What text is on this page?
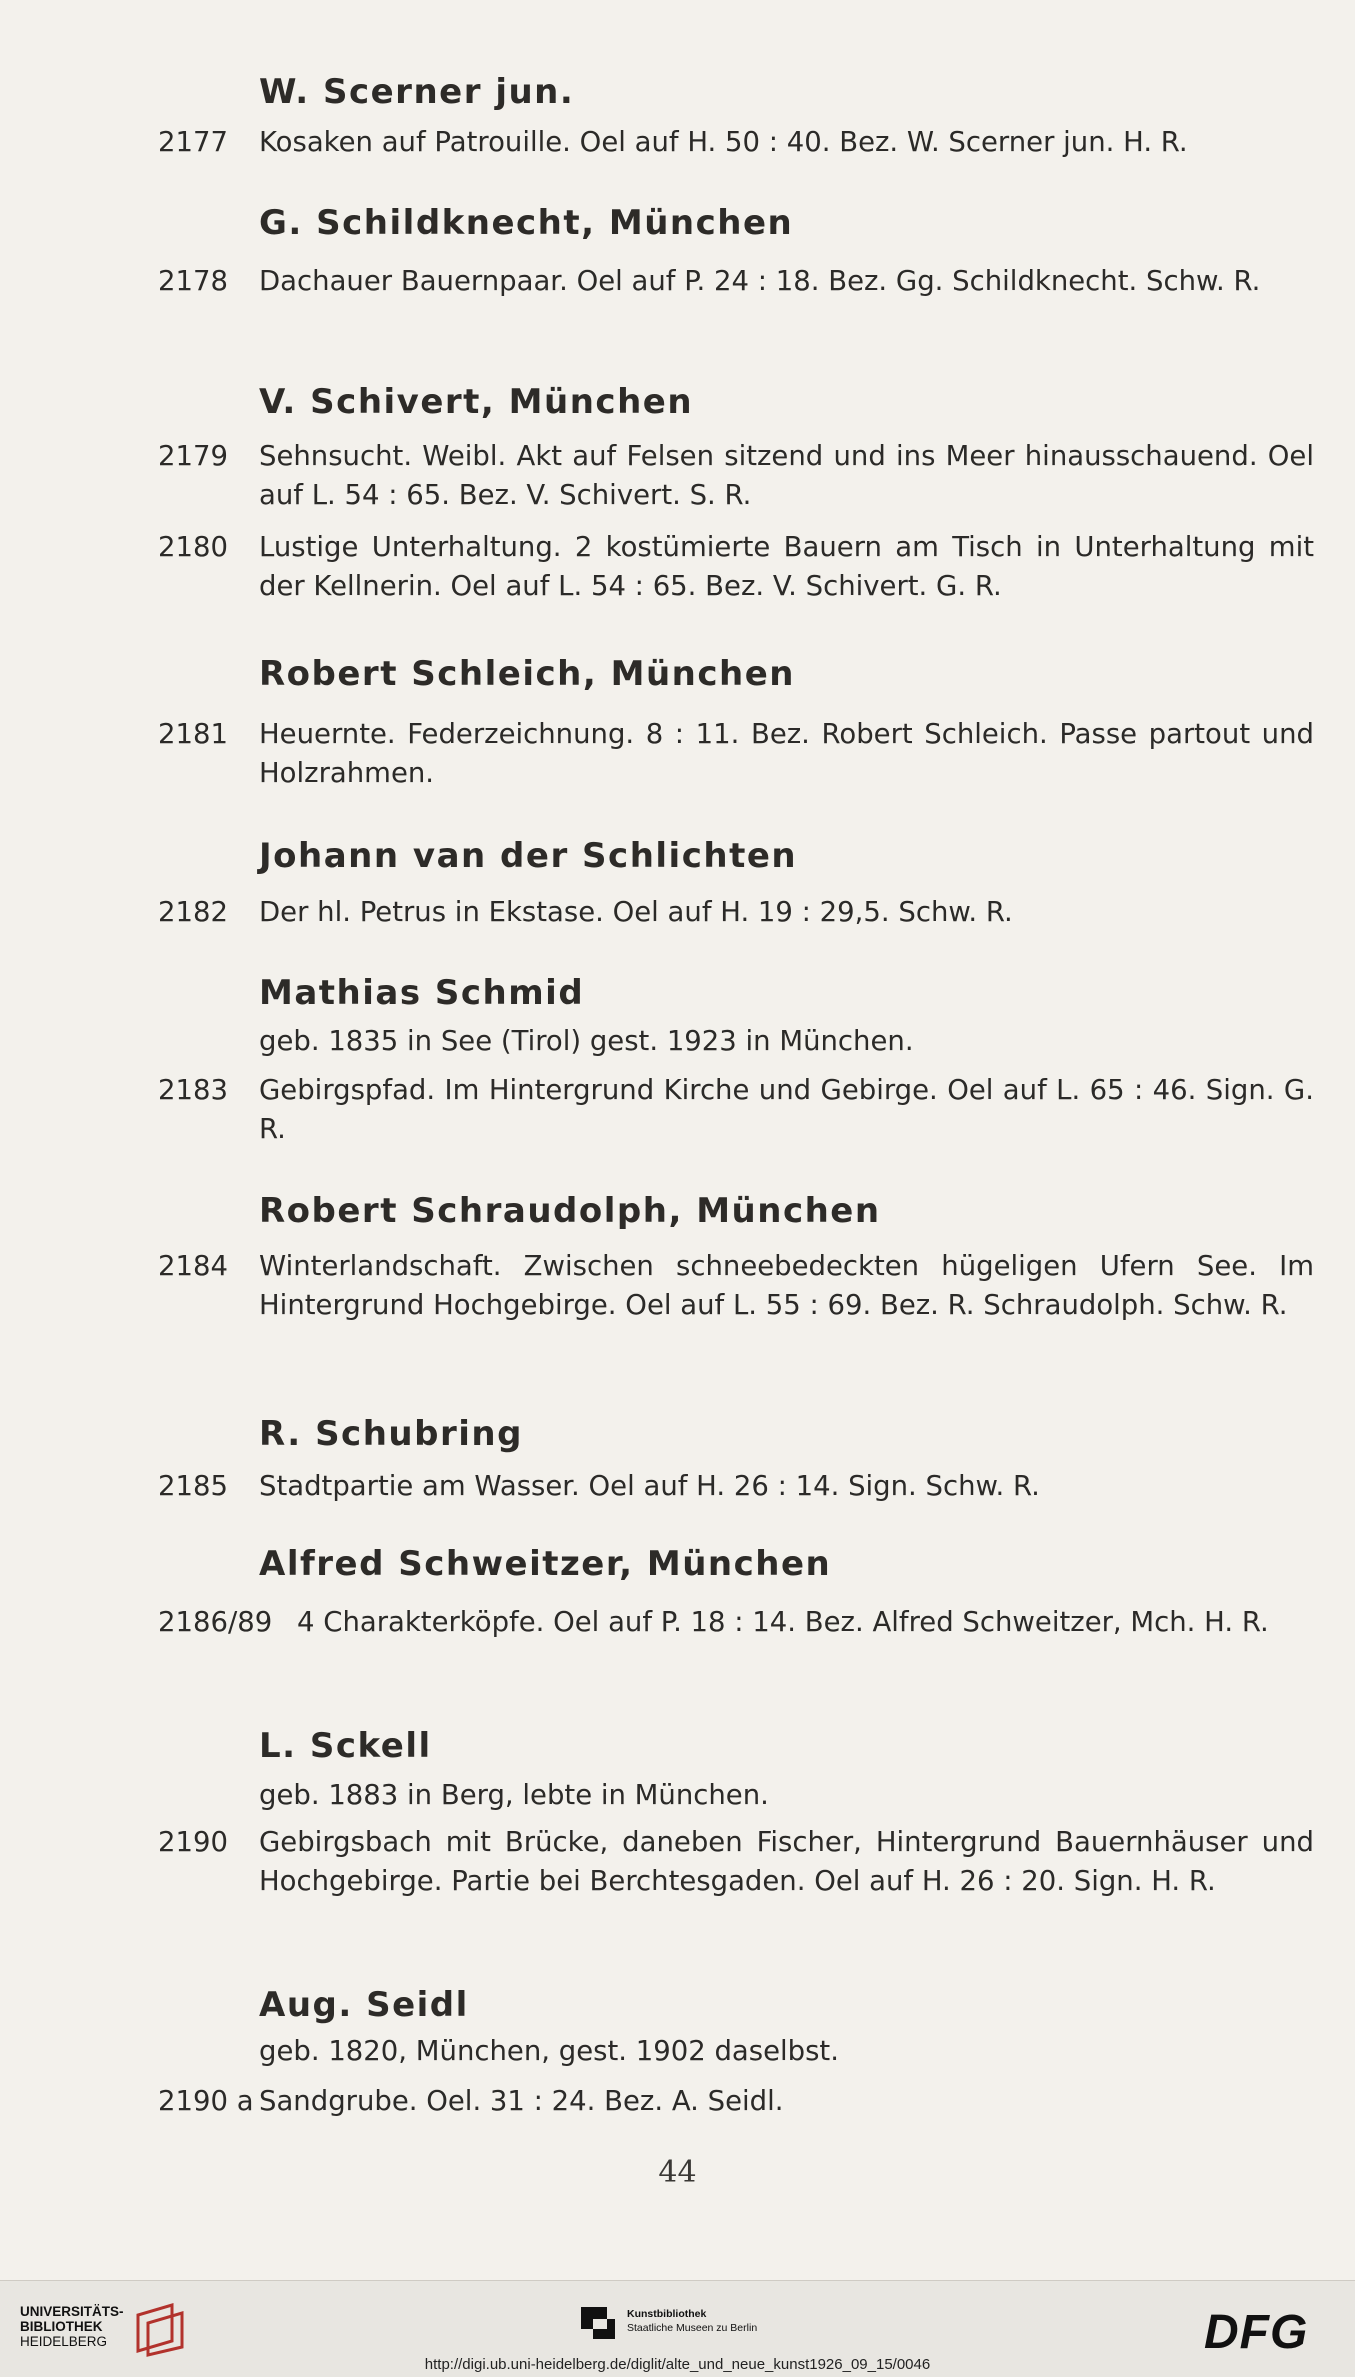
W. Scerner jun.
2177 Kosaken auf Patrouille. Oel auf H. 50 : 40. Bez. W. Scerner jun. H. R.
G. Schildknecht, München
2178 Dachauer Bauernpaar. Oel auf P. 24 : 18. Bez. Gg. Schildknecht. Schw. R.
V. Schivert, München
2179 Sehnsucht. Weibl. Akt auf Felsen sitzend und ins Meer hinausschauend. Oel auf L. 54 : 65. Bez. V. Schivert. S. R.
2180 Lustige Unterhaltung. 2 kostümierte Bauern am Tisch in Unterhaltung mit der Kellnerin. Oel auf L. 54 : 65. Bez. V. Schivert. G. R.
Robert Schleich, München
2181 Heuernte. Federzeichnung. 8 : 11. Bez. Robert Schleich. Passe partout und Holzrahmen.
Johann van der Schlichten
2182 Der hl. Petrus in Ekstase. Oel auf H. 19 : 29,5. Schw. R.
Mathias Schmid
geb. 1835 in See (Tirol) gest. 1923 in München.
2183 Gebirgspfad. Im Hintergrund Kirche und Gebirge. Oel auf L. 65 : 46. Sign. G. R.
Robert Schraudolph, München
2184 Winterlandschaft. Zwischen schneebedeckten hügeligen Ufern See. Im Hintergrund Hochgebirge. Oel auf L. 55 : 69. Bez. R. Schraudolph. Schw. R.
R. Schubring
2185 Stadtpartie am Wasser. Oel auf H. 26 : 14. Sign. Schw. R.
Alfred Schweitzer, München
2186/89 4 Charakterköpfe. Oel auf P. 18 : 14. Bez. Alfred Schweitzer, Mch. H. R.
L. Sckell
geb. 1883 in Berg, lebte in München.
2190 Gebirgsbach mit Brücke, daneben Fischer, Hintergrund Bauernhäuser und Hochgebirge. Partie bei Berchtesgaden. Oel auf H. 26 : 20. Sign. H. R.
Aug. Seidl
geb. 1820, München, gest. 1902 daselbst.
2190 a Sandgrube. Oel. 31 : 24. Bez. A. Seidl.
44
UNIVERSITÄTS-
BIBLIOTHEK
HEIDELBERG
Kunstbibliothek
Staatliche Museen zu Berlin	DFG
http://digi.ub.uni-heidelberg.de/diglit/alte_und_neue_kunst1926_09_15/0046
